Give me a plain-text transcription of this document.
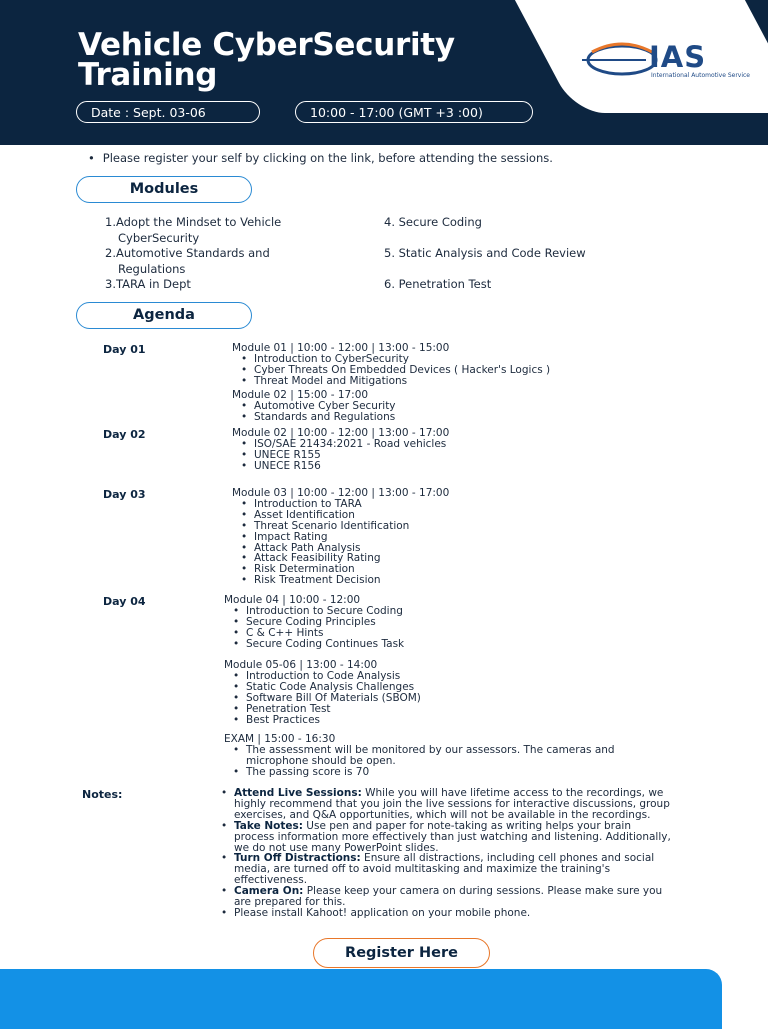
Vehicle CyberSecurity
Training
Date : Sept. 03-06	10:00 - 17:00 (GMT +3 :00)
IAS
International Automotive Service
• Please register your self by clicking on the link, before attending the sessions.
Modules
1.Adopt the Mindset to Vehicle
CyberSecurity
2.Automotive Standards and
Regulations
3.TARA in Dept
4. Secure Coding
5. Static Analysis and Code Review
6. Penetration Test
Agenda
Day 01	Module 01 | 10:00 - 12:00 | 13:00 - 15:00
• Introduction to CyberSecurity
• Cyber Threats On Embedded Devices ( Hacker's Logics )
• Threat Model and Mitigations
Module 02 | 15:00 - 17:00
• Automotive Cyber Security
• Standards and Regulations
Day 02	Module 02 | 10:00 - 12:00 | 13:00 - 17:00
• ISO/SAE 21434:2021 - Road vehicles
• UNECE R155
• UNECE R156
Day 03	Module 03 | 10:00 - 12:00 | 13:00 - 17:00
• Introduction to TARA
• Asset Identification
• Threat Scenario Identification
• Impact Rating
• Attack Path Analysis
• Attack Feasibility Rating
• Risk Determination
• Risk Treatment Decision
Day 04	Module 04 | 10:00 - 12:00
• Introduction to Secure Coding
• Secure Coding Principles
• C & C++ Hints
• Secure Coding Continues Task
Module 05-06 | 13:00 - 14:00
• Introduction to Code Analysis
• Static Code Analysis Challenges
• Software Bill Of Materials (SBOM)
• Penetration Test
• Best Practices
EXAM | 15:00 - 16:30
• The assessment will be monitored by our assessors. The cameras and microphone should be open.
• The passing score is 70
Notes:
•	Attend Live Sessions: While you will have lifetime access to the recordings, we highly recommend that you join the live sessions for interactive discussions, group exercises, and Q&A opportunities, which will not be available in the recordings.
• Take Notes: Use pen and paper for note-taking as writing helps your brain process information more effectively than just watching and listening. Additionally, we do not use many PowerPoint slides.
• Turn Off Distractions: Ensure all distractions, including cell phones and social media, are turned off to avoid multitasking and maximize the training's effectiveness.
• Camera On: Please keep your camera on during sessions. Please make sure you are prepared for this.
• Please install Kahoot! application on your mobile phone.
Register Here
